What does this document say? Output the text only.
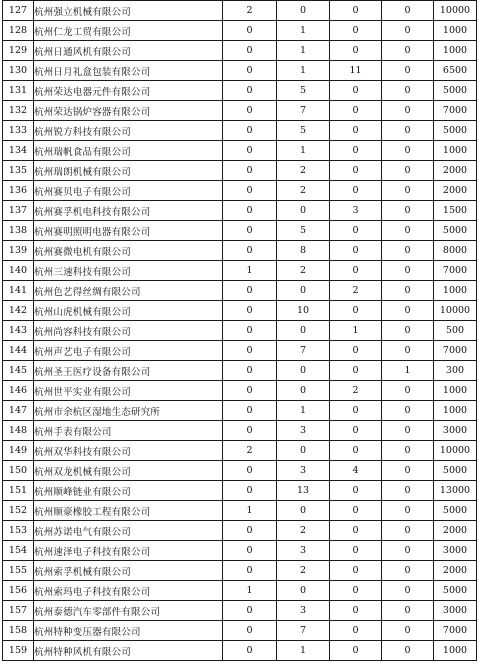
127	杭州强立机械有限公司	2	0	0	0	10000
128	杭州仁龙工贸有限公司	0	1	0	0	1000
129	杭州日通风机有限公司	0	1	0	0	1000
130	杭州日月礼盒包装有限公司	0	1	11	0	6500
131	杭州荣达电器元件有限公司	0	5	0	0	5000
132	杭州荣达锅炉容器有限公司	0	7	0	0	7000
133	杭州锐方科技有限公司	0	5	0	0	5000
134	杭州瑞帆食品有限公司	0	1	0	0	1000
135	杭州瑞朗机械有限公司	0	2	0	0	2000
136	杭州赛贝电子有限公司	0	2	0	0	2000
137	杭州赛孚机电科技有限公司	0	0	3	0	1500
138	杭州赛明照明电器有限公司	0	5	0	0	5000
139	杭州赛微电机有限公司	0	8	0	0	8000
140	杭州三速科技有限公司	1	2	0	0	7000
141	杭州色艺得丝绸有限公司	0	0	2	0	1000
142	杭州山虎机械有限公司	0	10	0	0	10000
143	杭州尚容科技有限公司	0	0	1	0	500
144	杭州声艺电子有限公司	0	7	0	0	7000
145	杭州圣王医疗设备有限公司	0	0	0	1	300
146	杭州世平实业有限公司	0	0	2	0	1000
147	杭州市余杭区湿地生态研究所	0	1	0	0	1000
148	杭州手表有限公司	0	3	0	0	3000
149	杭州双华科技有限公司	2	0	0	0	10000
150	杭州双龙机械有限公司	0	3	4	0	5000
151	杭州顺峰链业有限公司	0	13	0	0	13000
152	杭州顺豪橡胶工程有限公司	1	0	0	0	5000
153	杭州苏诺电气有限公司	0	2	0	0	2000
154	杭州速泽电子科技有限公司	0	3	0	0	3000
155	杭州索孚机械有限公司	0	2	0	0	2000
156	杭州索玛电子科技有限公司	1	0	0	0	5000
157	杭州泰德汽车零部件有限公司	0	3	0	0	3000
158	杭州特种变压器有限公司	0	7	0	0	7000
159	杭州特种风机有限公司	0	1	0	0	1000
